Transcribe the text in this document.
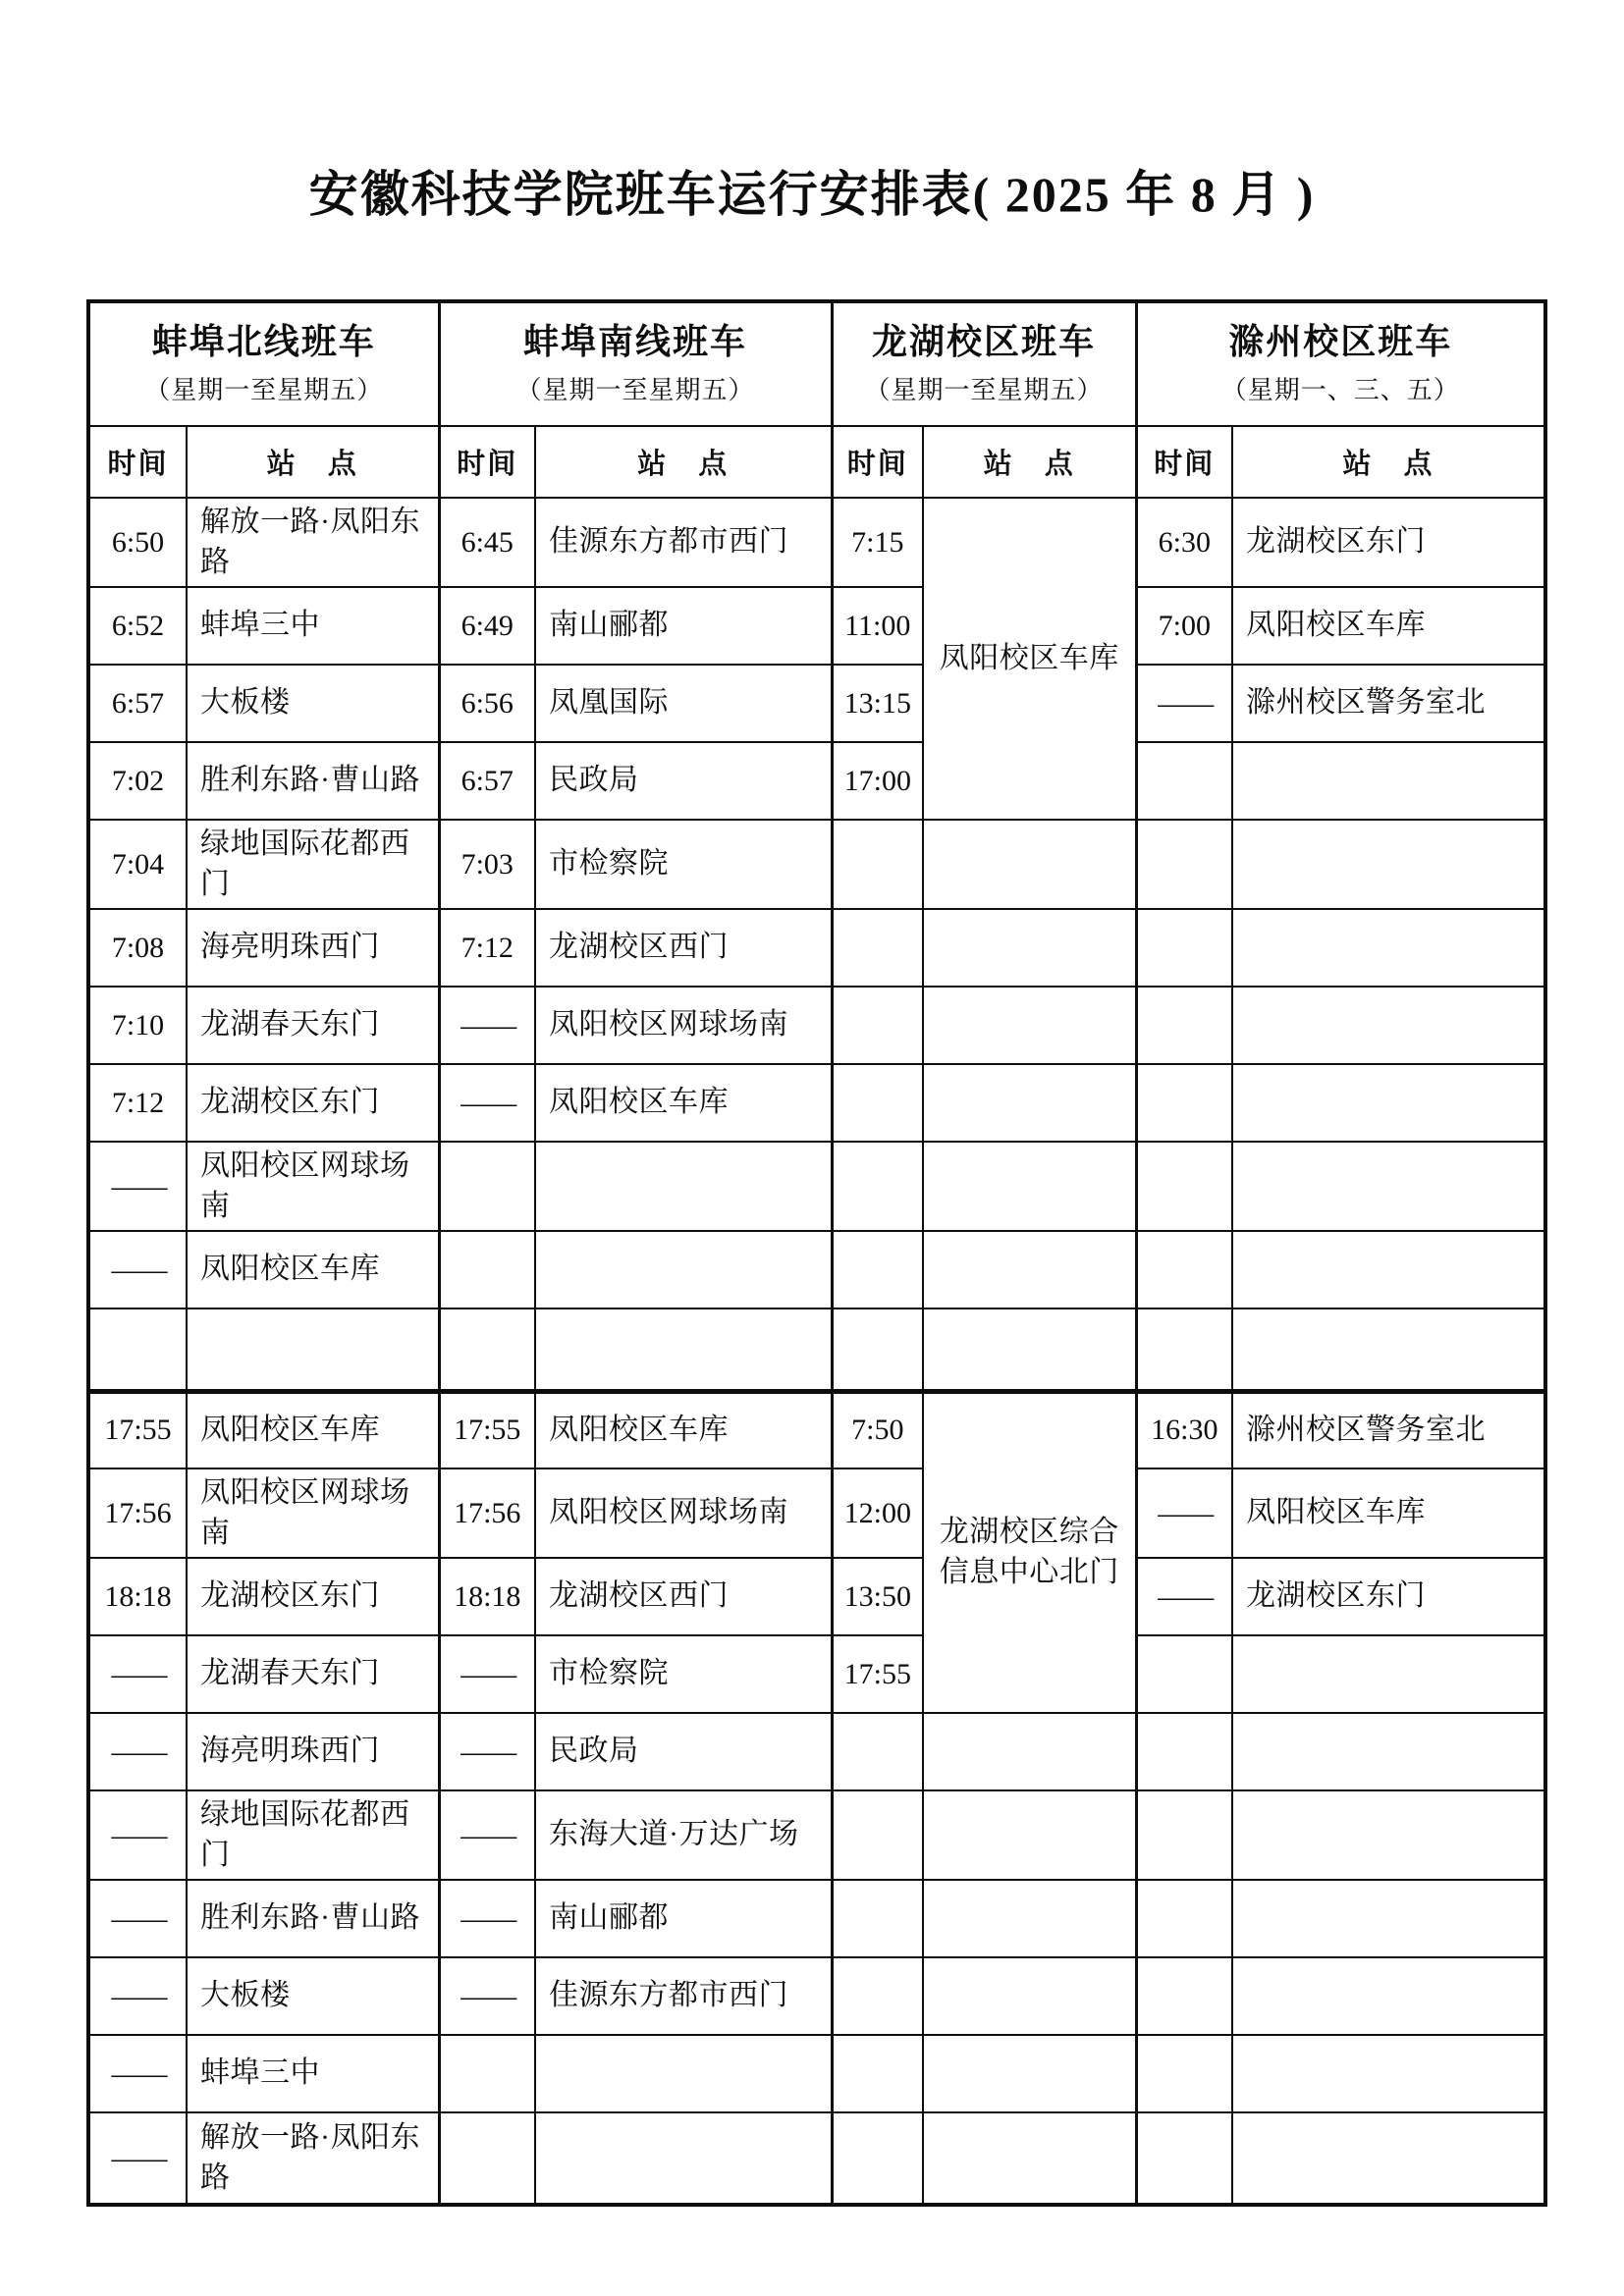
安徽科技学院班车运行安排表( 2025 年 8 月 )
蚌埠北线班车
（星期一至星期五）

蚌埠南线班车
（星期一至星期五）

龙湖校区班车
（星期一至星期五）

滁州校区班车
（星期一、三、五）

时间	站　点	时间	站　点	时间	站　点	时间	站　点
6:50	解放一路·凤阳东路	6:45	佳源东方都市西门	7:15	凤阳校区车库	6:30	龙湖校区东门
6:52	蚌埠三中	6:49	南山郦都	11:00		7:00	凤阳校区车库
6:57	大板楼	6:56	凤凰国际	13:15		——	滁州校区警务室北
7:02	胜利东路·曹山路	6:57	民政局	17:00			
7:04	绿地国际花都西门	7:03	市检察院				
7:08	海亮明珠西门	7:12	龙湖校区西门				
7:10	龙湖春天东门	——	凤阳校区网球场南				
7:12	龙湖校区东门	——	凤阳校区车库				
——	凤阳校区网球场南						
——	凤阳校区车库						

17:55	凤阳校区车库	17:55	凤阳校区车库	7:50	龙湖校区综合信息中心北门	16:30	滁州校区警务室北
17:56	凤阳校区网球场南	17:56	凤阳校区网球场南	12:00		——	凤阳校区车库
18:18	龙湖校区东门	18:18	龙湖校区西门	13:50		——	龙湖校区东门
——	龙湖春天东门	——	市检察院	17:55			
——	海亮明珠西门	——	民政局				
——	绿地国际花都西门	——	东海大道·万达广场				
——	胜利东路·曹山路	——	南山郦都				
——	大板楼	——	佳源东方都市西门				
——	蚌埠三中						
——	解放一路·凤阳东路						
